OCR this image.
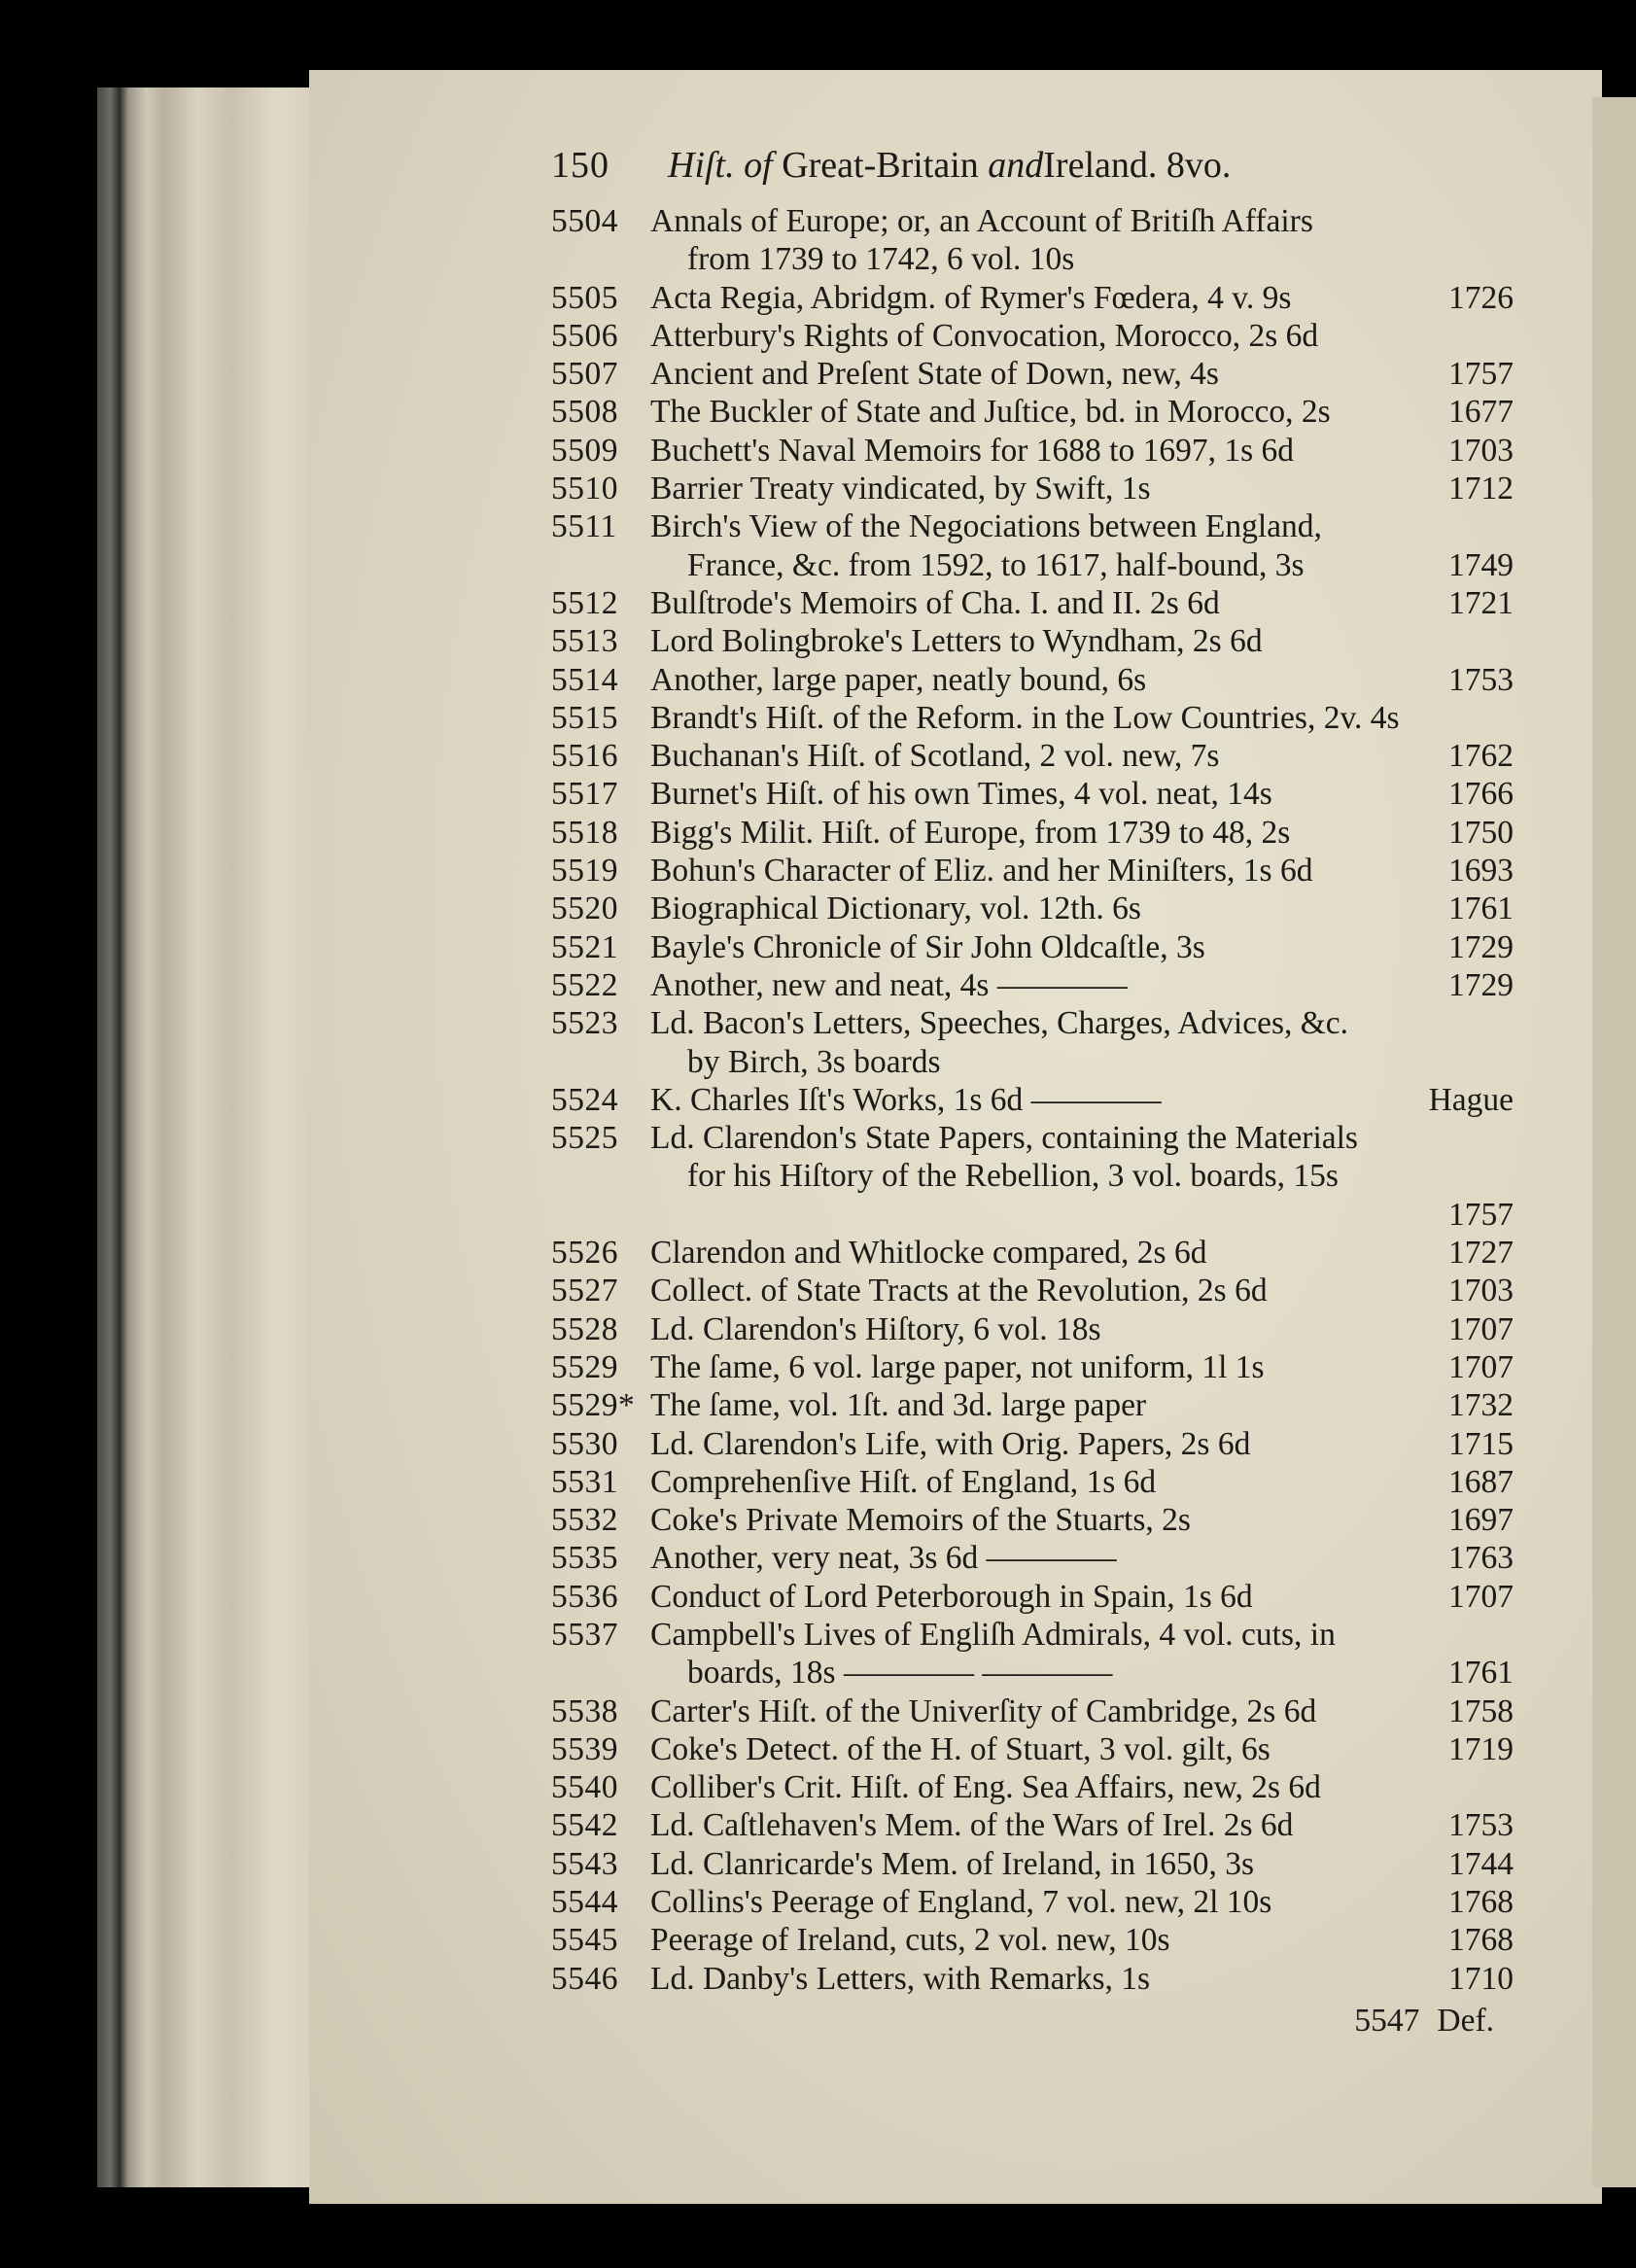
150	Hiſt. of Great-Britain andIreland. 8vo.
5504 Annals of Europe; or, an Account of Britiſh Affairs
from 1739 to 1742, 6 vol. 10s
5505 Acta Regia, Abridgm. of Rymer's Fœdera, 4 v. 9s	1726
5506 Atterbury's Rights of Convocation, Morocco, 2s 6d
5507 Ancient and Preſent State of Down, new, 4s	1757
5508 The Buckler of State and Juſtice, bd. in Morocco, 2s	1677
5509 Buchett's Naval Memoirs for 1688 to 1697, 1s 6d	1703
5510 Barrier Treaty vindicated, by Swift, 1s	1712
5511	Birch's View of the Negociations between England,
France, &c. from 1592, to 1617, half-bound, 3s	1749
5512 Bulſtrode's Memoirs of Cha. I. and II. 2s 6d	1721
5513 Lord Bolingbroke's Letters to Wyndham, 2s 6d
5514 Another, large paper, neatly bound, 6s	1753
5515 Brandt's Hiſt. of the Reform. in the Low Countries, 2v. 4s
5516 Buchanan's Hiſt. of Scotland, 2 vol. new, 7s	1762
5517 Burnet's Hiſt. of his own Times, 4 vol. neat, 14s	1766
5518 Bigg's Milit. Hiſt. of Europe, from 1739 to 48, 2s	1750
5519 Bohun's Character of Eliz. and her Miniſters, 1s 6d	1693
5520 Biographical Dictionary, vol. 12th. 6s	1761
5521 Bayle's Chronicle of Sir John Oldcaſtle, 3s	1729
5522 Another, new and neat, 4s ————	1729
5523 Ld. Bacon's Letters, Speeches, Charges, Advices, &c.
by Birch, 3s boards
5524 K. Charles Iſt's Works, 1s 6d ————	Hague
5525 Ld. Clarendon's State Papers, containing the Materials
for his Hiſtory of the Rebellion, 3 vol. boards, 15s
1757
5526 Clarendon and Whitlocke compared, 2s 6d	1727
5527 Collect. of State Tracts at the Revolution, 2s 6d	1703
5528 Ld. Clarendon's Hiſtory, 6 vol. 18s	1707
5529 The ſame, 6 vol. large paper, not uniform, 1l 1s	1707
5529* The ſame, vol. 1ſt. and 3d. large paper	1732
5530 Ld. Clarendon's Life, with Orig. Papers, 2s 6d	1715
5531 Comprehenſive Hiſt. of England, 1s 6d	1687
5532 Coke's Private Memoirs of the Stuarts, 2s	1697
5535 Another, very neat, 3s 6d ————	1763
5536 Conduct of Lord Peterborough in Spain, 1s 6d	1707
5537 Campbell's Lives of Engliſh Admirals, 4 vol. cuts, in
boards, 18s ———— ————	1761
5538 Carter's Hiſt. of the Univerſity of Cambridge, 2s 6d	1758
5539 Coke's Detect. of the H. of Stuart, 3 vol. gilt, 6s	1719
5540 Colliber's Crit. Hiſt. of Eng. Sea Affairs, new, 2s 6d
5542 Ld. Caſtlehaven's Mem. of the Wars of Irel. 2s 6d	1753
5543 Ld. Clanricarde's Mem. of Ireland, in 1650, 3s	1744
5544 Collins's Peerage of England, 7 vol. new, 2l 10s	1768
5545 Peerage of Ireland, cuts, 2 vol. new, 10s	1768
5546 Ld. Danby's Letters, with Remarks, 1s	1710
5547 Def.
